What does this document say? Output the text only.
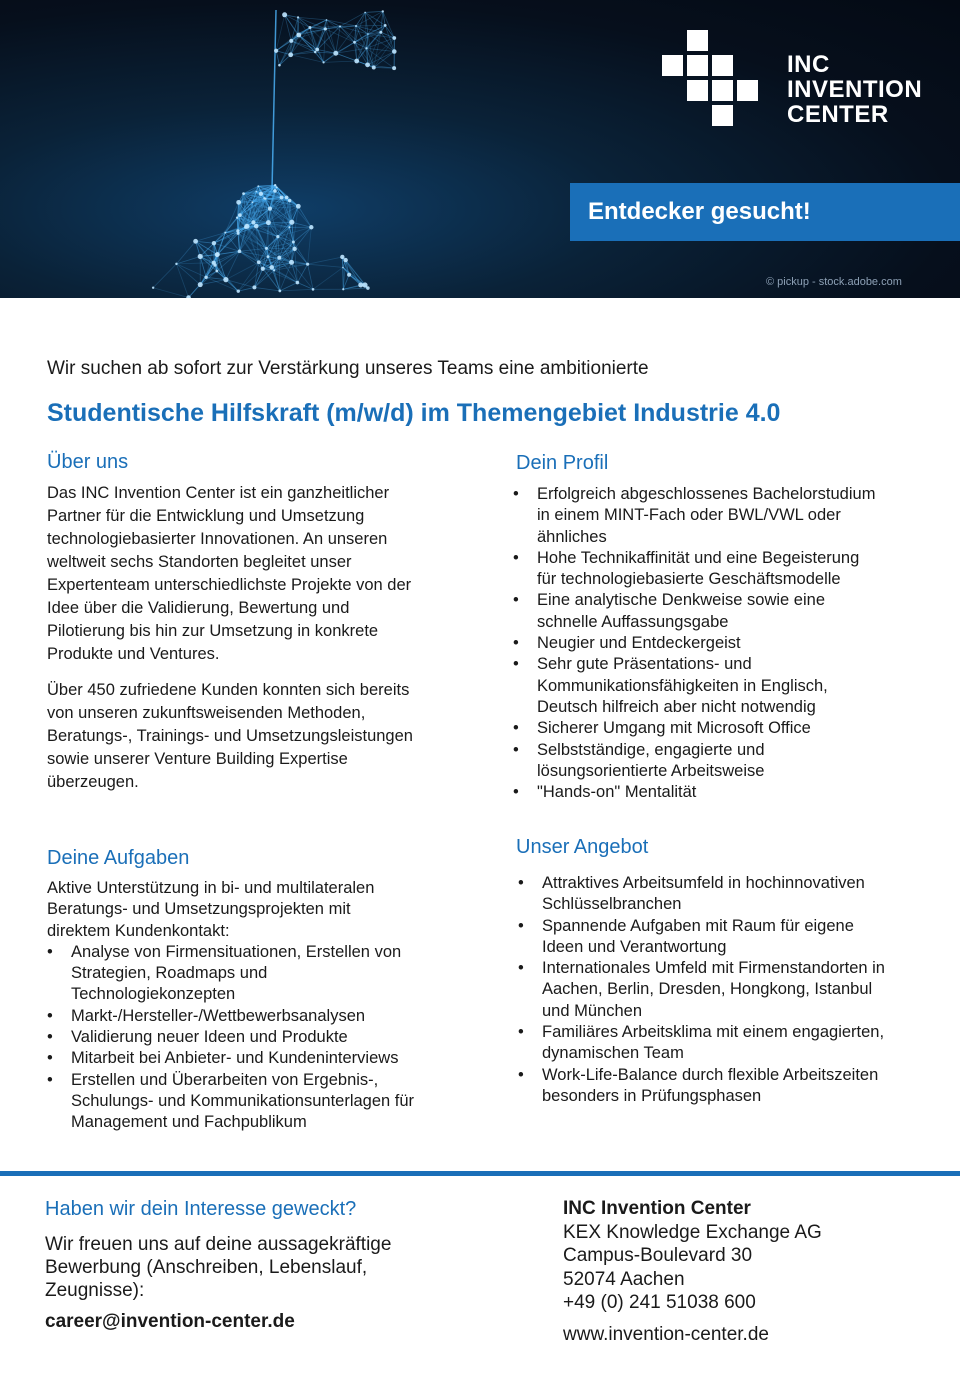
INC
INVENTION
CENTER
Entdecker gesucht!
© pickup - stock.adobe.com
Wir suchen ab sofort zur Verstärkung unseres Teams eine ambitionierte
Studentische Hilfskraft (m/w/d) im Themengebiet Industrie 4.0
Über uns

Das INC Invention Center ist ein ganzheitlicher
Partner für die Entwicklung und Umsetzung
technologiebasierter Innovationen. An unseren
weltweit sechs Standorten begleitet unser
Expertenteam unterschiedlichste Projekte von der
Idee über die Validierung, Bewertung und
Pilotierung bis hin zur Umsetzung in konkrete
Produkte und Ventures.

Über 450 zufriedene Kunden konnten sich bereits
von unseren zukunftsweisenden Methoden,
Beratungs-, Trainings- und Umsetzungsleistungen
sowie unserer Venture Building Expertise
überzeugen.

Deine Aufgaben

Aktive Unterstützung in bi- und multilateralen
Beratungs- und Umsetzungsprojekten mit
direktem Kundenkontakt:

• Analyse von Firmensituationen, Erstellen von
Strategien, Roadmaps und
Technologiekonzepten
• Markt-/Hersteller-/Wettbewerbsanalysen
• Validierung neuer Ideen und Produkte
• Mitarbeit bei Anbieter- und Kundeninterviews
• Erstellen und Überarbeiten von Ergebnis-,
Schulungs- und Kommunikationsunterlagen für
Management und Fachpublikum
Dein Profil
• Erfolgreich abgeschlossenes Bachelorstudium
in einem MINT-Fach oder BWL/VWL oder
ähnliches
• Hohe Technikaffinität und eine Begeisterung
für technologiebasierte Geschäftsmodelle
• Eine analytische Denkweise sowie eine
schnelle Auffassungsgabe
• Neugier und Entdeckergeist
• Sehr gute Präsentations- und
Kommunikationsfähigkeiten in Englisch,
Deutsch hilfreich aber nicht notwendig
• Sicherer Umgang mit Microsoft Office
• Selbstständige, engagierte und
lösungsorientierte Arbeitsweise
• "Hands-on" Mentalität
Unser Angebot
• Attraktives Arbeitsumfeld in hochinnovativen
Schlüsselbranchen
• Spannende Aufgaben mit Raum für eigene
Ideen und Verantwortung
• Internationales Umfeld mit Firmenstandorten in
Aachen, Berlin, Dresden, Hongkong, Istanbul
und München
• Familiäres Arbeitsklima mit einem engagierten,
dynamischen Team
• Work-Life-Balance durch flexible Arbeitszeiten
besonders in Prüfungsphasen
Haben wir dein Interesse geweckt?
Wir freuen uns auf deine aussagekräftige Bewerbung (Anschreiben, Lebenslauf, Zeugnisse):
career@invention-center.de
INC Invention Center
KEX Knowledge Exchange AG
Campus-Boulevard 30
52074 Aachen
+49 (0) 241 51038 600
www.invention-center.de
